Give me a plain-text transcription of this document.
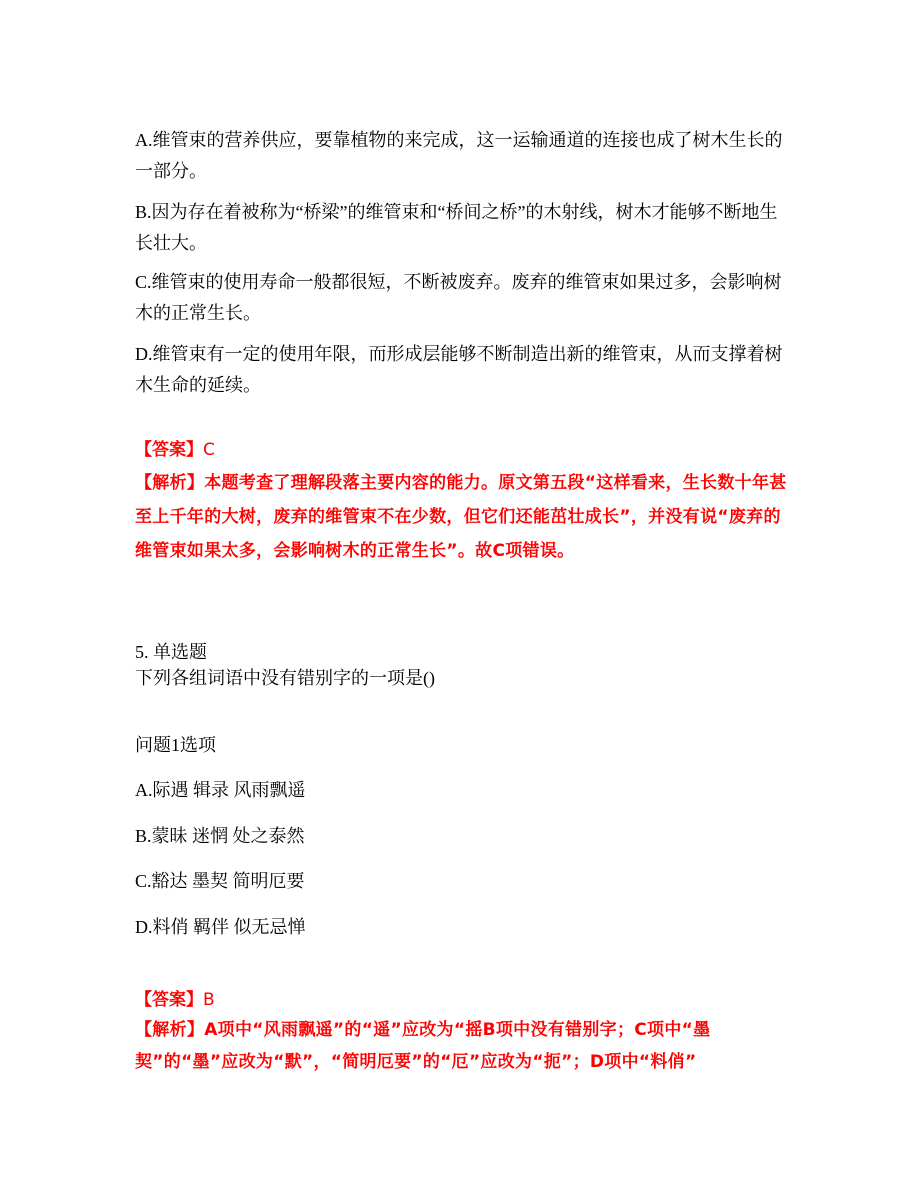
A.维管束的营养供应，要靠植物的来完成，这一运输通道的连接也成了树木生长的一部分。

B.因为存在着被称为“桥梁”的维管束和“桥间之桥”的木射线，树木才能够不断地生长壮大。

C.维管束的使用寿命一般都很短，不断被废弃。废弃的维管束如果过多，会影响树木的正常生长。

D.维管束有一定的使用年限，而形成层能够不断制造出新的维管束，从而支撑着树木生命的延续。

【答案】C

【解析】本题考查了理解段落主要内容的能力。原文第五段“这样看来，生长数十年甚至上千年的大树，废弃的维管束不在少数，但它们还能茁壮成长”，并没有说“废弃的维管束如果太多，会影响树木的正常生长”。故C项错误。

5. 单选题

下列各组词语中没有错别字的一项是()

问题1选项

A.际遇 辑录 风雨飘遥

B.蒙昧 迷惘 处之泰然

C.豁达 墨契 简明厄要

D.料俏 羁伴 似无忌惮

【答案】B

【解析】A项中“风雨飘遥”的“遥”应改为“摇B项中没有错别字；C项中“墨契”的“墨”应改为“默”，“简明厄要”的“厄”应改为“扼”；D项中“料俏”
